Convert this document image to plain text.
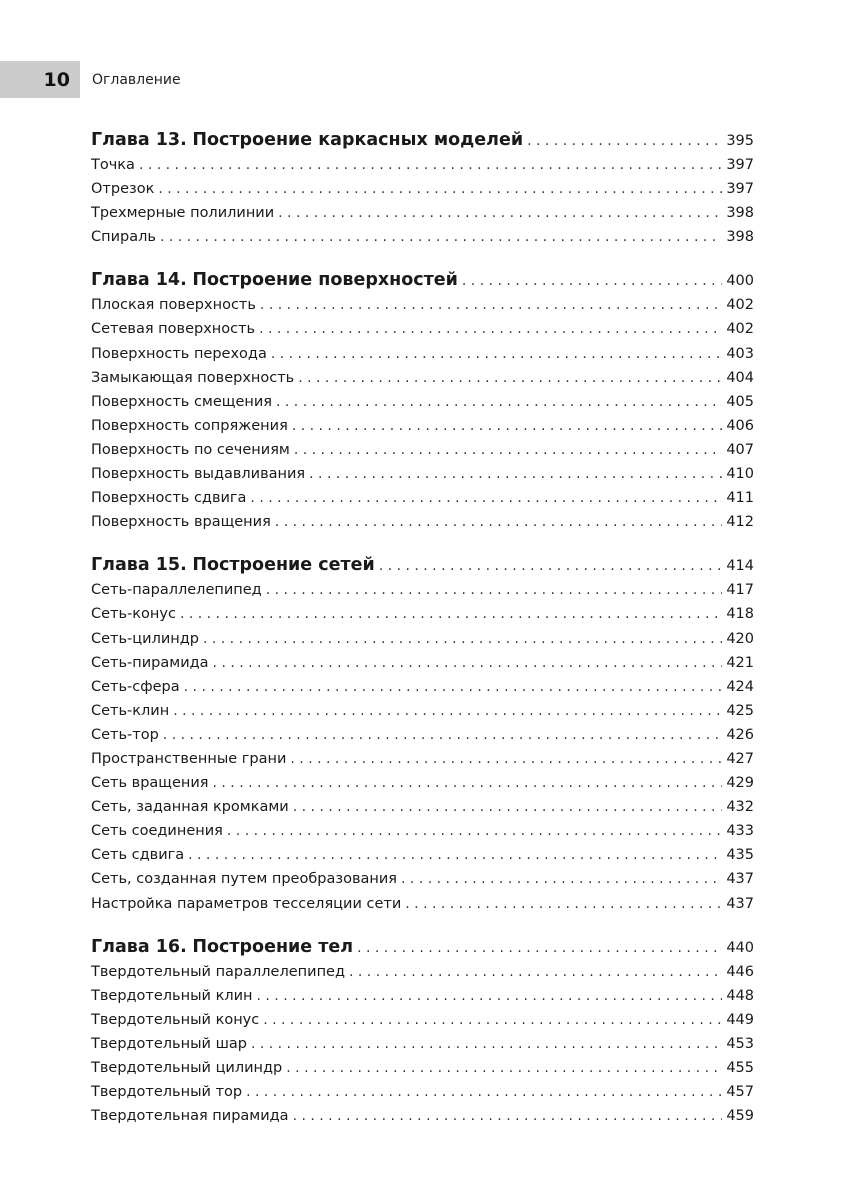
10	Оглавление
Глава 13. Построение каркасных моделей . . .	395
Точка . . .	397
Отрезок . . .	397
Трехмерные полилинии . . .	398
Спираль . . .	398
Глава 14. Построение поверхностей . . .	400
Плоская поверхность . . .	402
Сетевая поверхность . . .	402
Поверхность перехода . . .	403
Замыкающая поверхность . . .	404
Поверхность смещения . . .	405
Поверхность сопряжения . . .	406
Поверхность по сечениям . . .	407
Поверхность выдавливания . . .	410
Поверхность сдвига . . .	411
Поверхность вращения . . .	412
Глава 15. Построение сетей . . .	414
Сеть-параллелепипед . . .	417
Сеть-конус . . .	418
Сеть-цилиндр . . .	420
Сеть-пирамида . . .	421
Сеть-сфера . . .	424
Сеть-клин . . .	425
Сеть-тор . . .	426
Пространственные грани . . .	427
Сеть вращения . . .	429
Сеть, заданная кромками . . .	432
Сеть соединения . . .	433
Сеть сдвига . . .	435
Сеть, созданная путем преобразования . . .	437
Настройка параметров тесселяции сети . . .	437
Глава 16. Построение тел . . .	440
Твердотельный параллелепипед . . .	446
Твердотельный клин . . .	448
Твердотельный конус . . .	449
Твердотельный шар . . .	453
Твердотельный цилиндр . . .	455
Твердотельный тор . . .	457
Твердотельная пирамида . . .	459
